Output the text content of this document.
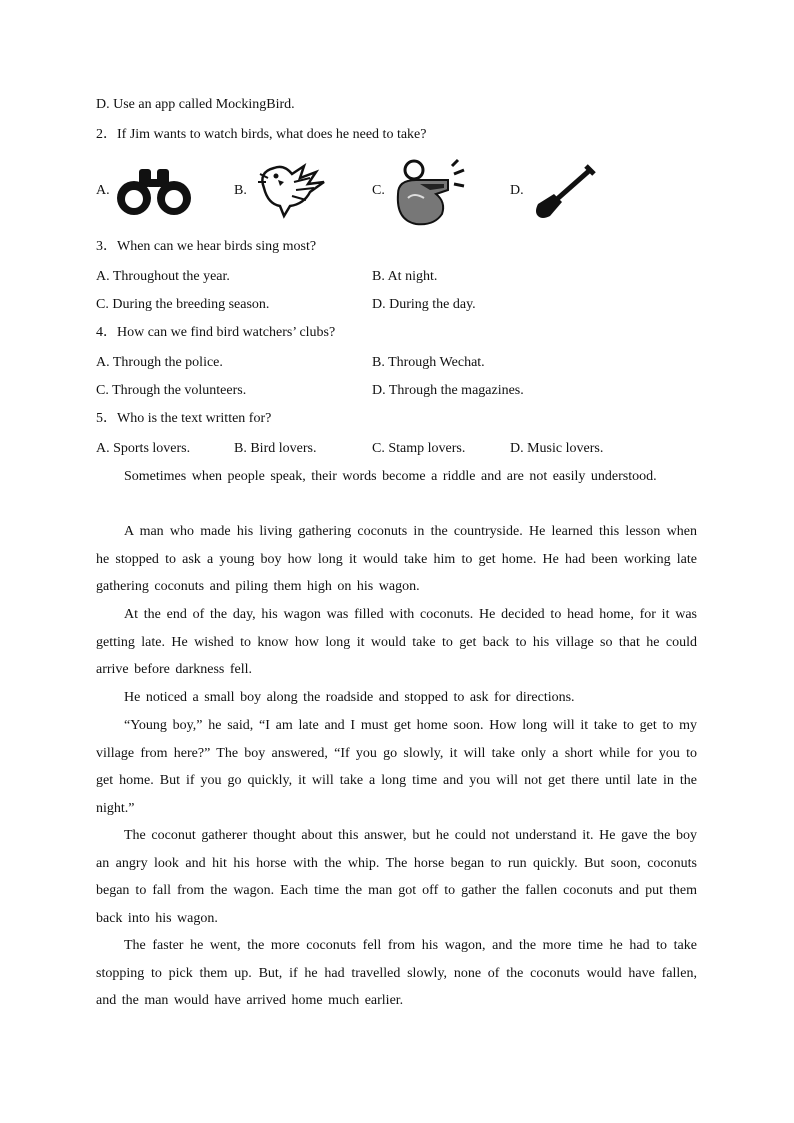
D. Use an app called MockingBird.
2．If Jim wants to watch birds, what does he need to take?
A.	B.	C.	D.
3．When can we hear birds sing most?
A. Throughout the year.	B. At night.
C. During the breeding season.	D. During the day.
4．How can we find bird watchers’ clubs?
A. Through the police.	B. Through Wechat.
C. Through the volunteers.	D. Through the magazines.
5．Who is the text written for?
A. Sports lovers.	B. Bird lovers.	C. Stamp lovers.	D. Music lovers.

Sometimes when people speak, their words become a riddle and are not easily understood.

A man who made his living gathering coconuts in the countryside. He learned this lesson when he stopped to ask a young boy how long it would take him to get home. He had been working late gathering coconuts and piling them high on his wagon.

At the end of the day, his wagon was filled with coconuts. He decided to head home, for it was getting late. He wished to know how long it would take to get back to his village so that he could arrive before darkness fell.

He noticed a small boy along the roadside and stopped to ask for directions.

“Young boy,” he said, “I am late and I must get home soon. How long will it take to get to my village from here?” The boy answered, “If you go slowly, it will take only a short while for you to get home. But if you go quickly, it will take a long time and you will not get there until late in the night.”

The coconut gatherer thought about this answer, but he could not understand it. He gave the boy an angry look and hit his horse with the whip. The horse began to run quickly. But soon, coconuts began to fall from the wagon. Each time the man got off to gather the fallen coconuts and put them back into his wagon.

The faster he went, the more coconuts fell from his wagon, and the more time he had to take stopping to pick them up. But, if he had travelled slowly, none of the coconuts would have fallen, and the man would have arrived home much earlier.
